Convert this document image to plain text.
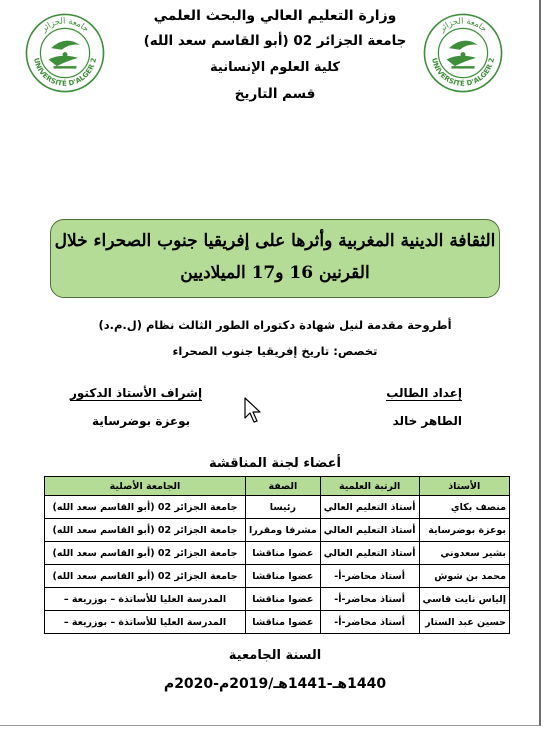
جامعة الجزائر
UNIVERSITÉ D'ALGER 2
جامعة الجزائر
UNIVERSITÉ D'ALGER 2
وزارة التعليم العالي والبحث العلمي
جامعة الجزائر 02 (أبو القاسم سعد الله)
كلية العلوم الإنسانية
قسم التاريخ
الثقافة الدينية المغربية وأثرها على إفريقيا جنوب الصحراء خلال
القرنين 16 و17 الميلاديين
أطروحة مقدمة لنيل شهادة دكتوراه الطور الثالث نظام (ل.م.د)
تخصص: تاريخ إفريقيا جنوب الصحراء
إعداد الطالب
الطاهر خالد
إشراف الأستاذ الدكتور
بوعزة بوضرساية
أعضاء لجنة المناقشة
الأستاذ	الرتبة العلمية	الصفة	الجامعة الأصلية
منصف بكاي	أستاذ التعليم العالي	رئيسا	جامعة الجزائر 02 (أبو القاسم سعد الله)
بوعزة بوضرساية	أستاذ التعليم العالي	مشرفا ومقررا	جامعة الجزائر 02 (أبو القاسم سعد الله)
بشير سعدوني	أستاذ التعليم العالي	عضوا مناقشا	جامعة الجزائر 02 (أبو القاسم سعد الله)
محمد بن شوش	أستاذ محاضر-أ-	عضوا مناقشا	جامعة الجزائر 02 (أبو القاسم سعد الله)
إلياس نايت قاسي	أستاذ محاضر-أ-	عضوا مناقشا	المدرسة العليا للأساتذة – بوزريعة –
حسين عبد الستار	أستاذ محاضر-أ-	عضوا مناقشا	المدرسة العليا للأساتذة – بوزريعة –
السنة الجامعية
1440هـ-1441هـ/2019م-2020م
